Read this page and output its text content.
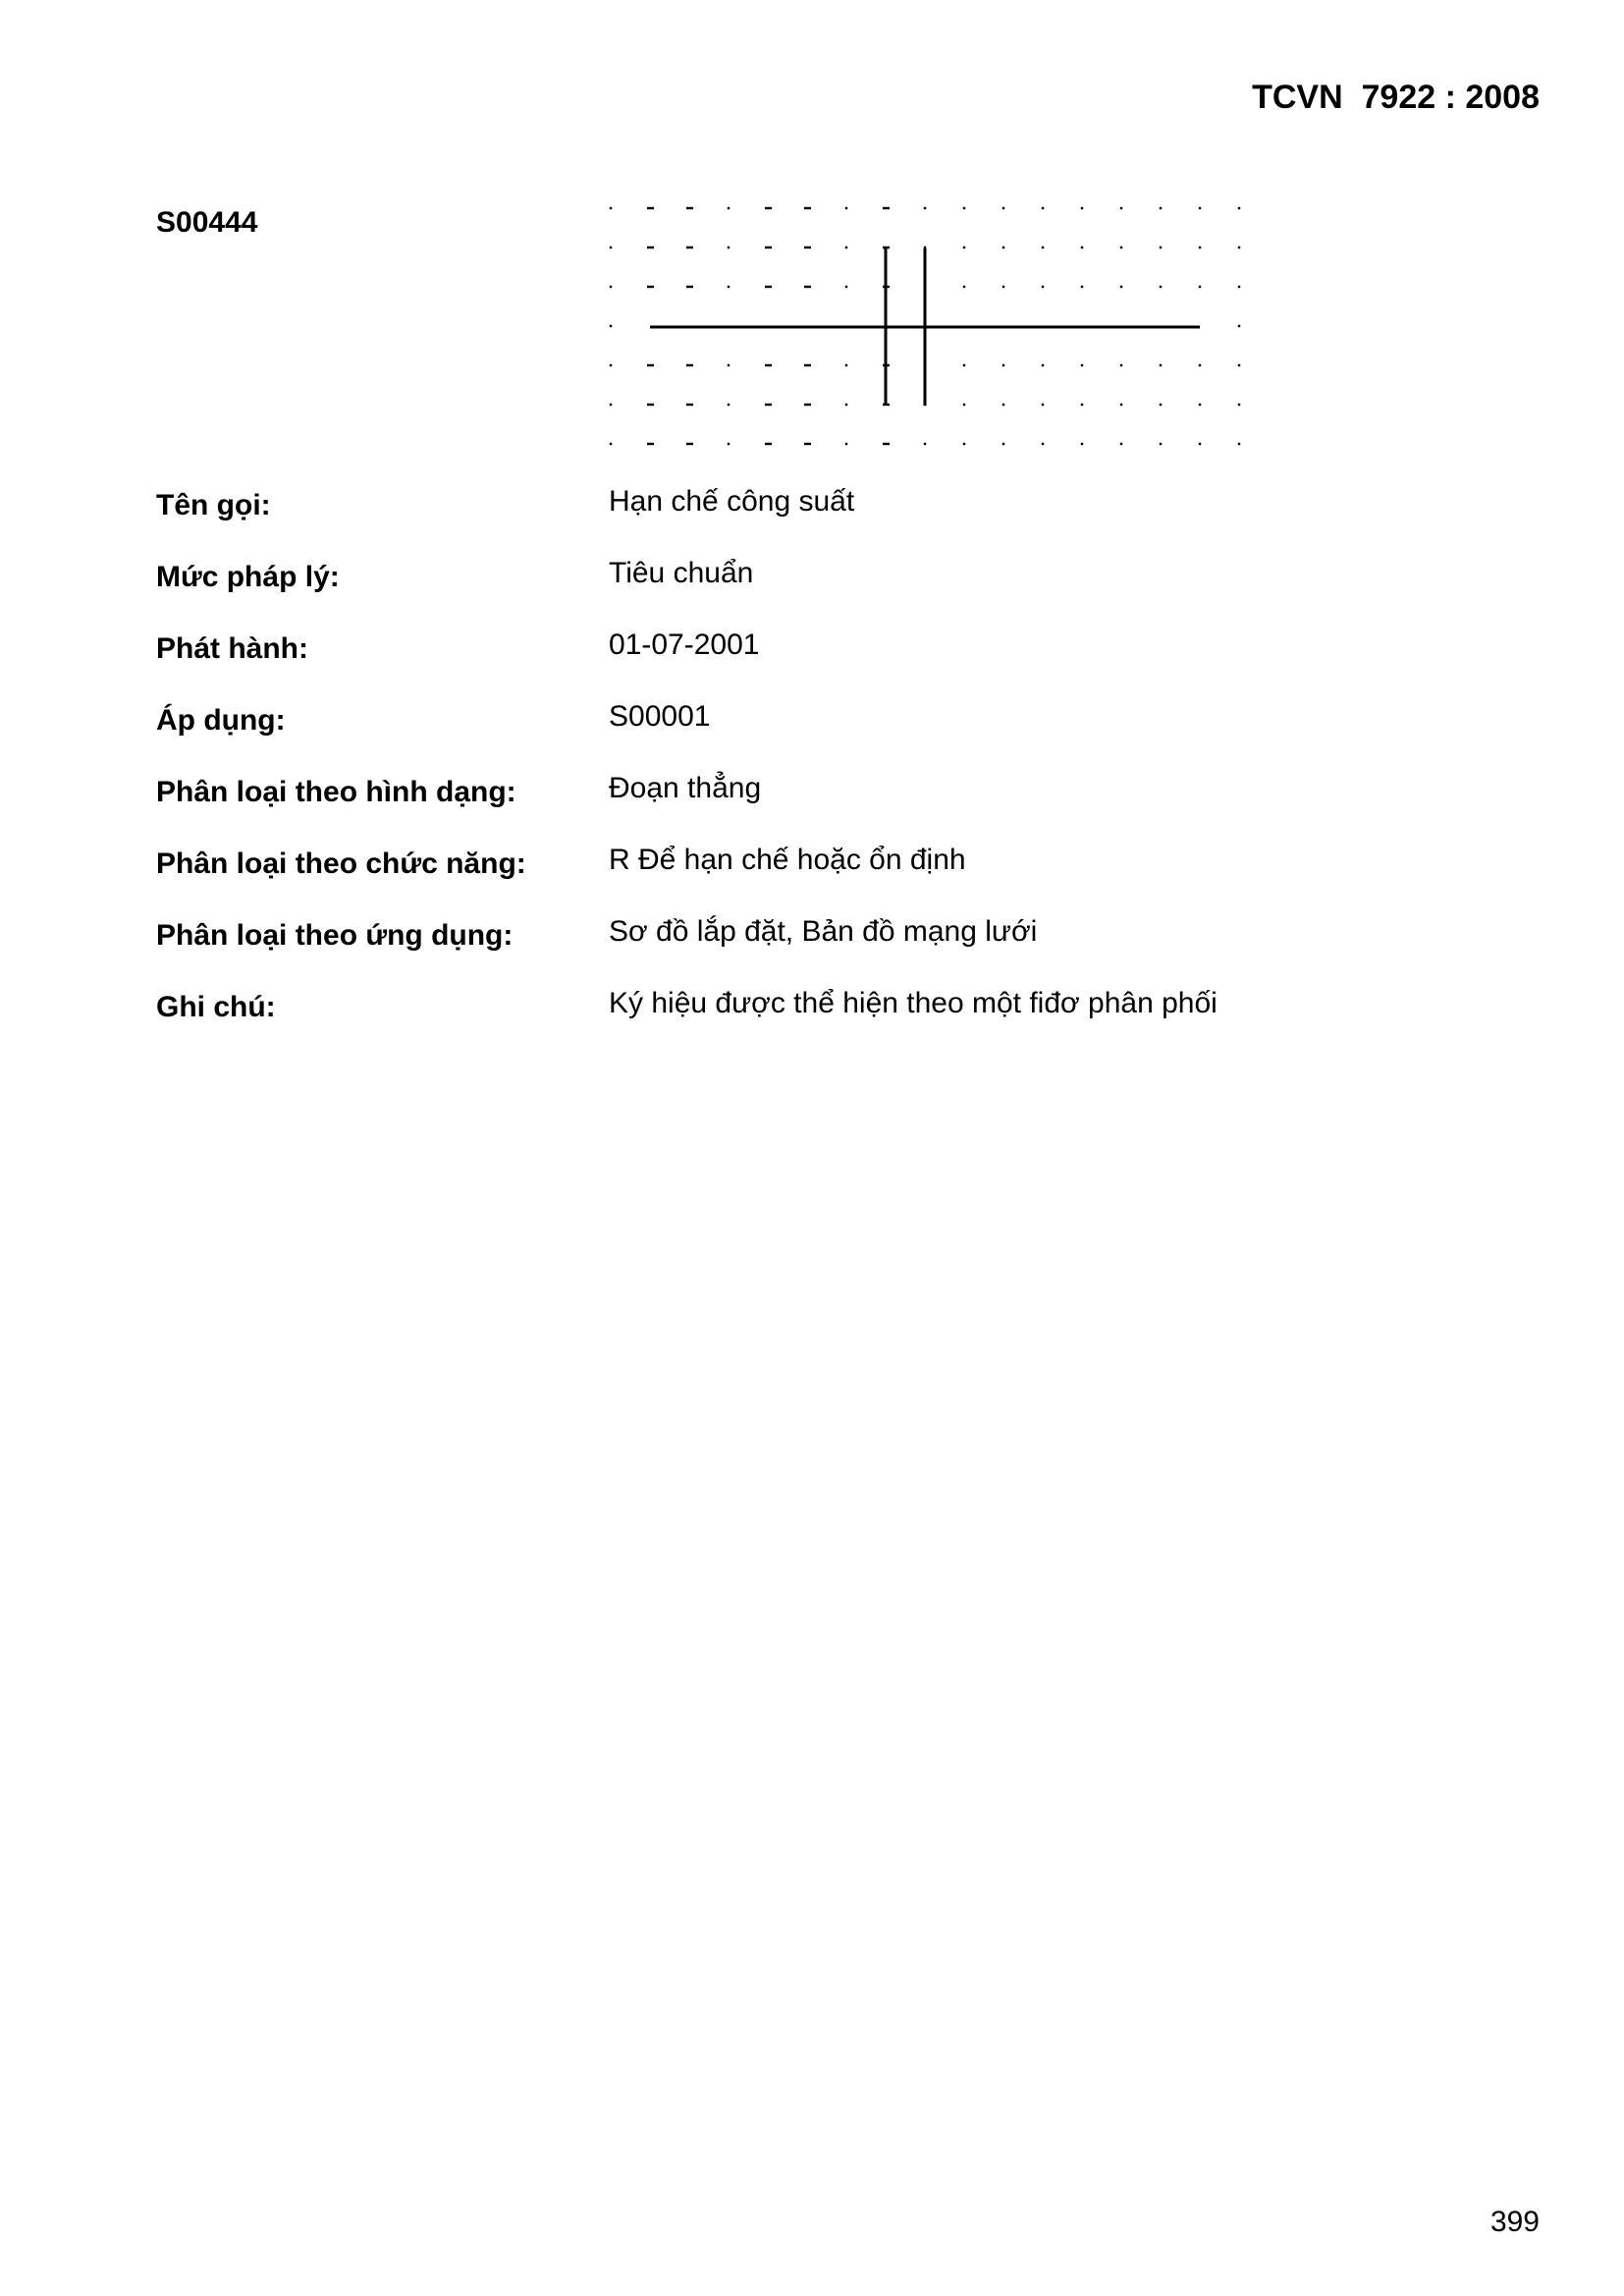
TCVN  7922 : 2008
S00444
Tên gọi:	Hạn chế công suất
Mức pháp lý:	Tiêu chuẩn
Phát hành:	01-07-2001
Áp dụng:	S00001
Phân loại theo hình dạng:	Đoạn thẳng
Phân loại theo chức năng:	R Để hạn chế hoặc ổn định
Phân loại theo ứng dụng:	Sơ đồ lắp đặt, Bản đồ mạng lưới
Ghi chú:	Ký hiệu được thể hiện theo một fiđơ phân phối
399
